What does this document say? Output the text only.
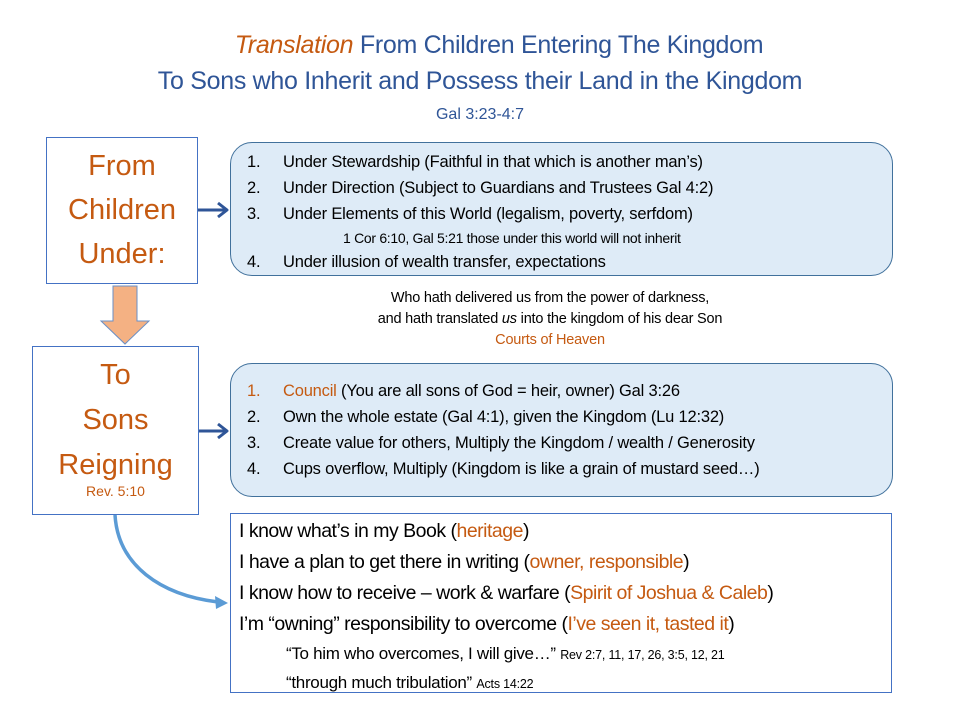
Translation From Children Entering The Kingdom
To Sons who Inherit and Possess their Land in the Kingdom
Gal 3:23-4:7
From
Children
Under:
To
Sons
Reigning
Rev. 5:10
1. Under Stewardship (Faithful in that which is another man’s)
2. Under Direction (Subject to Guardians and Trustees Gal 4:2)
3. Under Elements of this World (legalism, poverty, serfdom)
1 Cor 6:10, Gal 5:21 those under this world will not inherit
4. Under illusion of wealth transfer, expectations
Who hath delivered us from the power of darkness,
and hath translated us into the kingdom of his dear Son
Courts of Heaven
1. Council (You are all sons of God = heir, owner) Gal 3:26
2. Own the whole estate (Gal 4:1), given the Kingdom (Lu 12:32)
3. Create value for others, Multiply the Kingdom / wealth / Generosity
4. Cups overflow, Multiply (Kingdom is like a grain of mustard seed…)
I know what’s in my Book (heritage)
I have a plan to get there in writing (owner, responsible)
I know how to receive – work & warfare (Spirit of Joshua & Caleb)
I’m “owning” responsibility to overcome (I’ve seen it, tasted it)
“To him who overcomes, I will give…” Rev 2:7, 11, 17, 26, 3:5, 12, 21
“through much tribulation” Acts 14:22
